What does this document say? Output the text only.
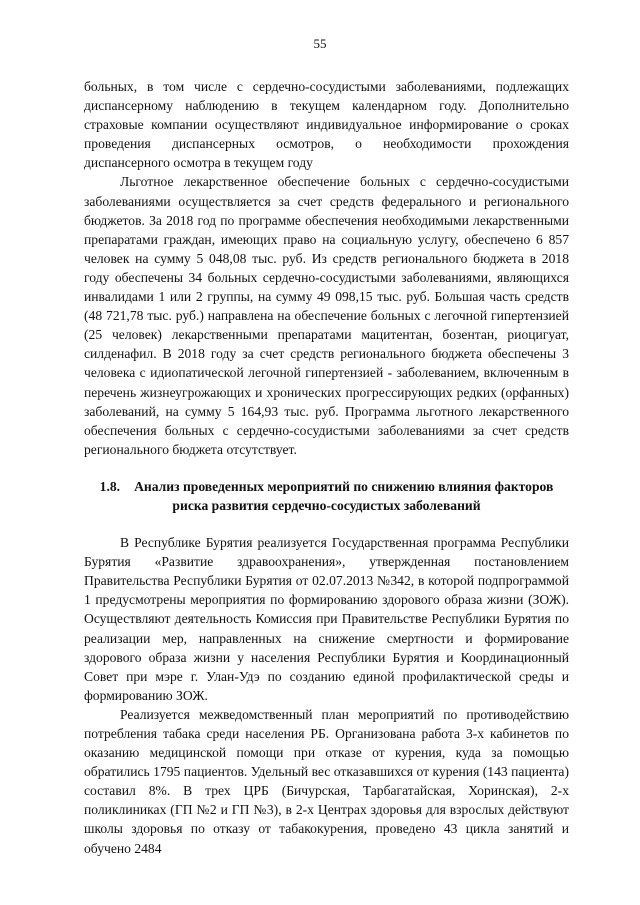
55

больных, в том числе с сердечно-сосудистыми заболеваниями, подлежащих диспансерному наблюдению в текущем календарном году. Дополнительно страховые компании осуществляют индивидуальное информирование о сроках проведения диспансерных осмотров, о необходимости прохождения диспансерного осмотра в текущем году

Льготное лекарственное обеспечение больных с сердечно-сосудистыми заболеваниями осуществляется за счет средств федерального и регионального бюджетов. За 2018 год по программе обеспечения необходимыми лекарственными препаратами граждан, имеющих право на социальную услугу, обеспечено 6 857 человек на сумму 5 048,08 тыс. руб. Из средств регионального бюджета в 2018 году обеспечены 34 больных сердечно-сосудистыми заболеваниями, являющихся инвалидами 1 или 2 группы, на сумму 49 098,15 тыс. руб. Большая часть средств (48 721,78 тыс. руб.) направлена на обеспечение больных с легочной гипертензией (25 человек) лекарственными препаратами мацитентан, бозентан, риоцигуат, силденафил. В 2018 году за счет средств регионального бюджета обеспечены 3 человека с идиопатической легочной гипертензией - заболеванием, включенным в перечень жизнеугрожающих и хронических прогрессирующих редких (орфанных) заболеваний, на сумму 5 164,93 тыс. руб. Программа льготного лекарственного обеспечения больных с сердечно-сосудистыми заболеваниями за счет средств регионального бюджета отсутствует.

1.8. Анализ проведенных мероприятий по снижению влияния факторов риска развития сердечно-сосудистых заболеваний

В Республике Бурятия реализуется Государственная программа Республики Бурятия «Развитие здравоохранения», утвержденная постановлением Правительства Республики Бурятия от 02.07.2013 №342, в которой подпрограммой 1 предусмотрены мероприятия по формированию здорового образа жизни (ЗОЖ). Осуществляют деятельность Комиссия при Правительстве Республики Бурятия по реализации мер, направленных на снижение смертности и формирование здорового образа жизни у населения Республики Бурятия и Координационный Совет при мэре г. Улан-Удэ по созданию единой профилактической среды и формированию ЗОЖ.

Реализуется межведомственный план мероприятий по противодействию потребления табака среди населения РБ. Организована работа 3-х кабинетов по оказанию медицинской помощи при отказе от курения, куда за помощью обратились 1795 пациентов. Удельный вес отказавшихся от курения (143 пациента) составил 8%. В трех ЦРБ (Бичурская, Тарбагатайская, Хоринская), 2-х поликлиниках (ГП №2 и ГП №3), в 2-х Центрах здоровья для взрослых действуют школы здоровья по отказу от табакокурения, проведено 43 цикла занятий и обучено 2484
